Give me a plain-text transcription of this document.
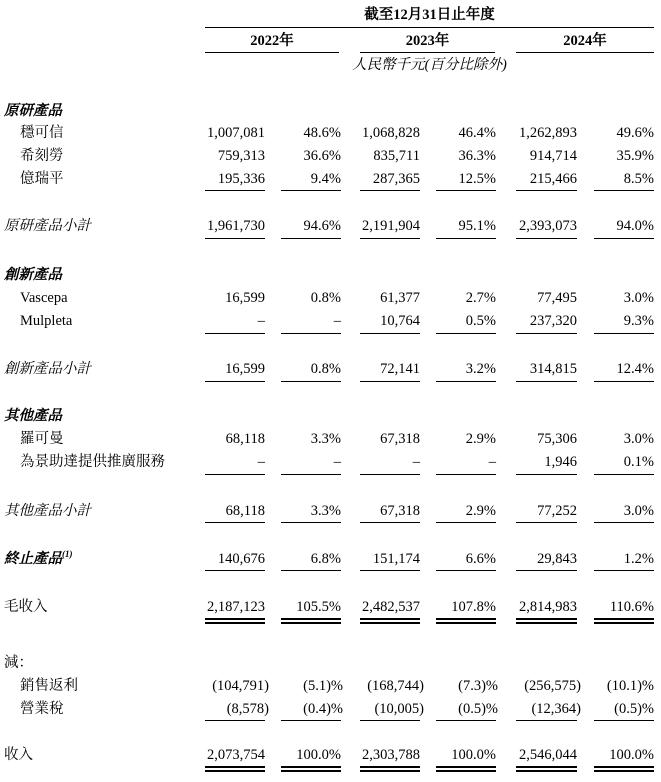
截至12月31日止年度
2022年	2023年	2024年
人民幣千元(百分比除外)
原研產品
穩可信	1,007,081	48.6% 1,068,828	46.4% 1,262,893	49.6%
希刻勞	759,313	36.6% 835,711	36.3% 914,714	35.9%
億瑞平	195,336	9.4% 287,365	12.5% 215,466	8.5%
原研產品小計	1,961,730	94.6% 2,191,904	95.1% 2,393,073	94.0%
創新產品
Vascepa	16,599	0.8%	61,377	2.7%	77,495	3.0%
Mulpleta	–	–	10,764	0.5% 237,320	9.3%
創新產品小計	16,599	0.8%	72,141	3.2% 314,815	12.4%
其他產品
羅可曼	68,118	3.3%	67,318	2.9%	75,306	3.0%
為景助達提供推廣服務	–	–	–	–	1,946	0.1%
其他產品小計	68,118	3.3%	67,318	2.9%	77,252	3.0%
終止產品$^{(1)}$	140,676	6.8% 151,174	6.6%	29,843	1.2%
毛收入	2,187,123 105.5% 2,482,537 107.8% 2,814,983 110.6%
減：
銷售返利	(104,791) (5.1)% (168,744) (7.3)% (256,575) (10.1)%
營業稅	(8,578) (0.4)% (10,005) (0.5)% (12,364) (0.5)%
收入	2,073,754 100.0% 2,303,788 100.0% 2,546,044 100.0%
